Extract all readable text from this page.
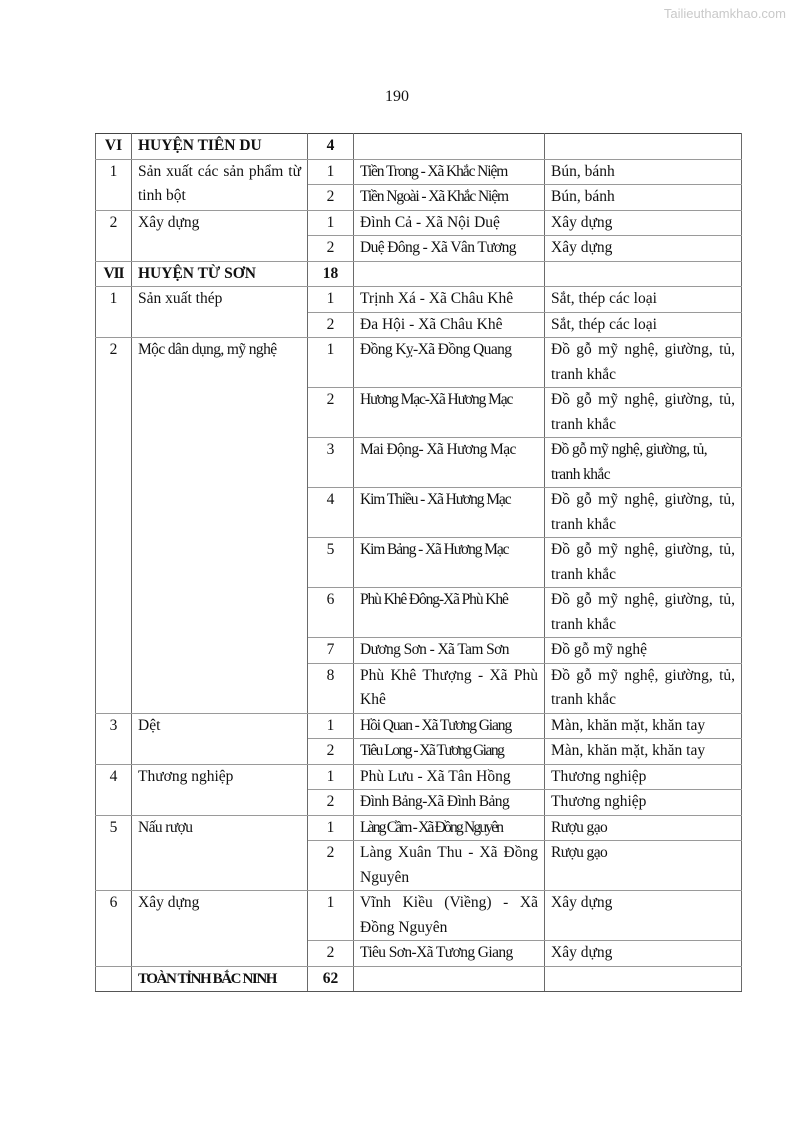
Tailieuthamkhao.com
190
VI	HUYỆN TIÊN DU	4		
1	Sản xuất các sản phẩm từ tinh bột	1	Tiền Trong - Xã Khắc Niệm	Bún, bánh
		2	Tiền Ngoài - Xã Khắc Niệm	Bún, bánh
2	Xây dựng	1	Đình Cả - Xã Nội Duệ	Xây dựng
		2	Duệ Đông - Xã Vân Tương	Xây dựng
VII	HUYỆN TỪ SƠN	18		
1	Sản xuất thép	1	Trịnh Xá - Xã Châu Khê	Sắt, thép các loại
		2	Đa Hội - Xã Châu Khê	Sắt, thép các loại
2	Mộc dân dụng, mỹ nghệ	1	Đồng Kỵ-Xã Đồng Quang	Đồ gỗ mỹ nghệ, giường, tủ, tranh khắc
		2	Hương Mạc-Xã Hương Mạc	Đồ gỗ mỹ nghệ, giường, tủ, tranh khắc
		3	Mai Động- Xã Hương Mạc	Đồ gỗ mỹ nghệ, giường, tủ, tranh khắc
		4	Kim Thiều - Xã Hương Mạc	Đồ gỗ mỹ nghệ, giường, tủ, tranh khắc
		5	Kim Bảng - Xã Hương Mạc	Đồ gỗ mỹ nghệ, giường, tủ, tranh khắc
		6	Phù Khê Đông-Xã Phù Khê	Đồ gỗ mỹ nghệ, giường, tủ, tranh khắc
		7	Dương Sơn - Xã Tam Sơn	Đồ gỗ mỹ nghệ
		8	Phù Khê Thượng - Xã Phù Khê	Đồ gỗ mỹ nghệ, giường, tủ, tranh khắc
3	Dệt	1	Hồi Quan - Xã Tương Giang	Màn, khăn mặt, khăn tay
		2	Tiêu Long - Xã Tương Giang	Màn, khăn mặt, khăn tay
4	Thương nghiệp	1	Phù Lưu - Xã Tân Hồng	Thương nghiệp
		2	Đình Bảng-Xã Đình Bảng	Thương nghiệp
5	Nấu rượu	1	Làng Cầm - Xã Đồng Nguyên	Rượu gạo
		2	Làng Xuân Thu - Xã Đồng Nguyên	Rượu gạo
6	Xây dựng	1	Vĩnh Kiều (Viềng) - Xã Đồng Nguyên	Xây dựng
		2	Tiêu Sơn-Xã Tương Giang	Xây dựng
	TOÀN TỈNH BẮC NINH	62		
